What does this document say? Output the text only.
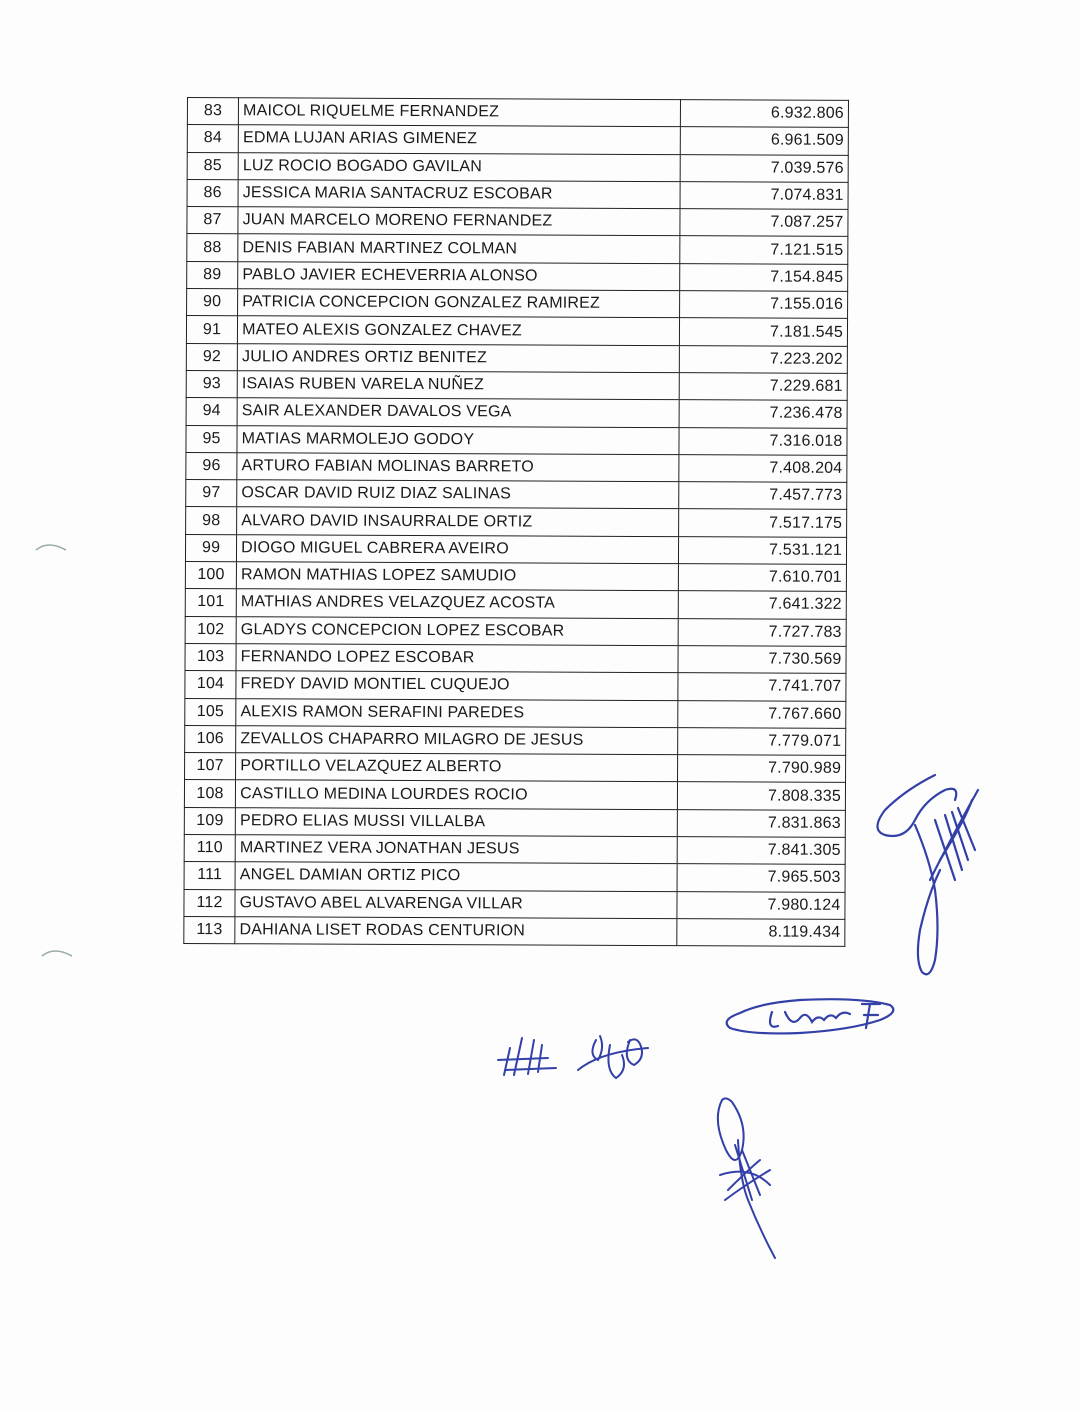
83	MAICOL RIQUELME FERNANDEZ	6.932.806
84	EDMA LUJAN ARIAS GIMENEZ	6.961.509
85	LUZ ROCIO BOGADO GAVILAN	7.039.576
86	JESSICA MARIA SANTACRUZ ESCOBAR	7.074.831
87	JUAN MARCELO MORENO FERNANDEZ	7.087.257
88	DENIS FABIAN MARTINEZ COLMAN	7.121.515
89	PABLO JAVIER ECHEVERRIA ALONSO	7.154.845
90	PATRICIA CONCEPCION GONZALEZ RAMIREZ	7.155.016
91	MATEO ALEXIS GONZALEZ CHAVEZ	7.181.545
92	JULIO ANDRES ORTIZ BENITEZ	7.223.202
93	ISAIAS RUBEN VARELA NUÑEZ	7.229.681
94	SAIR ALEXANDER DAVALOS VEGA	7.236.478
95	MATIAS MARMOLEJO GODOY	7.316.018
96	ARTURO FABIAN MOLINAS BARRETO	7.408.204
97	OSCAR DAVID RUIZ DIAZ SALINAS	7.457.773
98	ALVARO DAVID INSAURRALDE ORTIZ	7.517.175
99	DIOGO MIGUEL CABRERA AVEIRO	7.531.121
100	RAMON MATHIAS LOPEZ SAMUDIO	7.610.701
101	MATHIAS ANDRES VELAZQUEZ ACOSTA	7.641.322
102	GLADYS CONCEPCION LOPEZ ESCOBAR	7.727.783
103	FERNANDO LOPEZ ESCOBAR	7.730.569
104	FREDY DAVID MONTIEL CUQUEJO	7.741.707
105	ALEXIS RAMON SERAFINI PAREDES	7.767.660
106	ZEVALLOS CHAPARRO MILAGRO DE JESUS	7.779.071
107	PORTILLO VELAZQUEZ ALBERTO	7.790.989
108	CASTILLO MEDINA LOURDES ROCIO	7.808.335
109	PEDRO ELIAS MUSSI VILLALBA	7.831.863
110	MARTINEZ VERA JONATHAN JESUS	7.841.305
111	ANGEL DAMIAN ORTIZ PICO	7.965.503
112	GUSTAVO ABEL ALVARENGA VILLAR	7.980.124
113	DAHIANA LISET RODAS CENTURION	8.119.434
